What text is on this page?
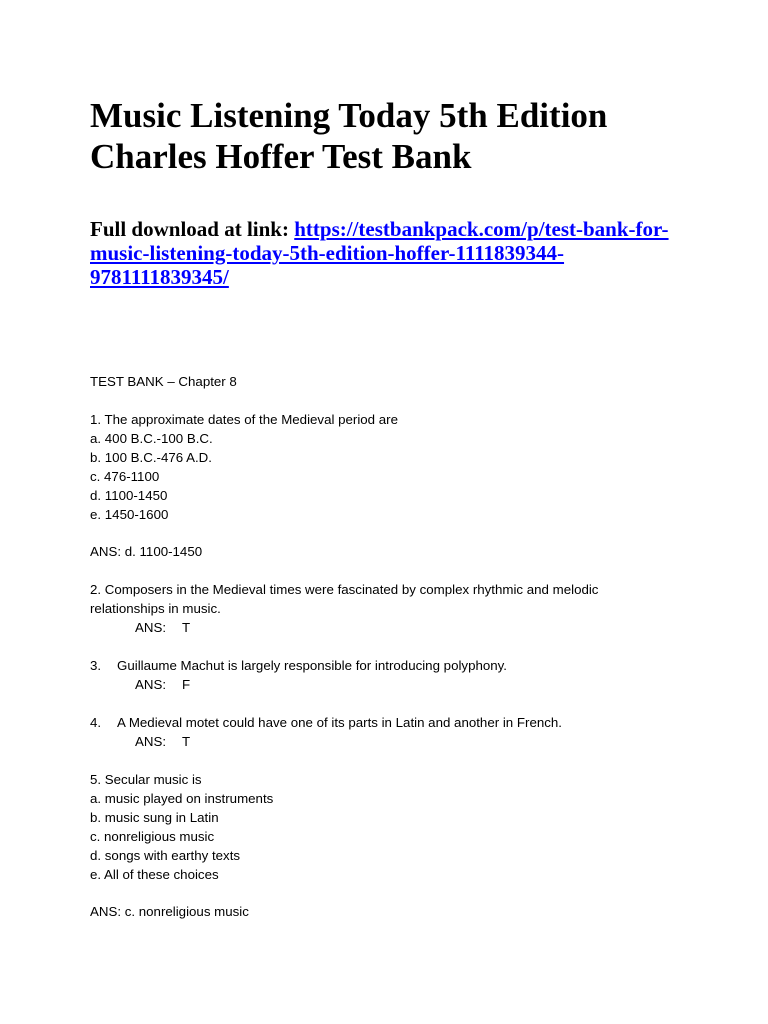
Music Listening Today 5th Edition
Charles Hoffer Test Bank
Full download at link: https://testbankpack.com/p/test-bank-for-
music-listening-today-5th-edition-hoffer-1111839344-
9781111839345/
TEST BANK – Chapter 8
1. The approximate dates of the Medieval period are
a. 400 B.C.-100 B.C.
b. 100 B.C.-476 A.D.
c. 476-1100
d. 1100-1450
e. 1450-1600
ANS: d. 1100-1450
2. Composers in the Medieval times were fascinated by complex rhythmic and melodic
relationships in music.
ANS: T
3. Guillaume Machut is largely responsible for introducing polyphony.
ANS: F
4. A Medieval motet could have one of its parts in Latin and another in French.
ANS: T
5. Secular music is
a. music played on instruments
b. music sung in Latin
c. nonreligious music
d. songs with earthy texts
e. All of these choices
ANS: c. nonreligious music
